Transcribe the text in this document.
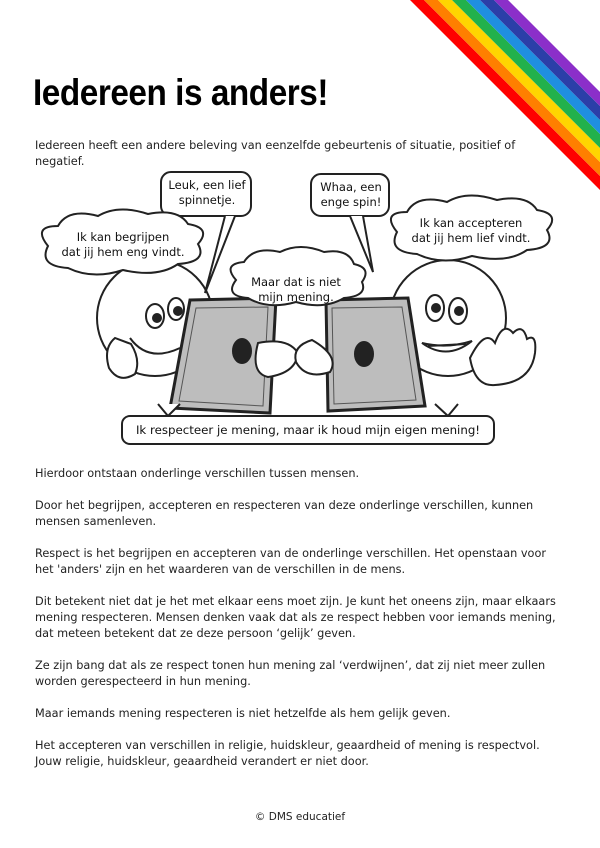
Iedereen is anders!

Iedereen heeft een andere beleving van eenzelfde gebeurtenis of situatie, positief of negatief.

Leuk, een lief
spinnetje.
Whaa, een
enge spin!
Ik kan begrijpen
dat jij hem eng vindt.
Ik kan accepteren
dat jij hem lief vindt.
Maar dat is niet
mijn mening.
Ik respecteer je mening, maar ik houd mijn eigen mening!

Hierdoor ontstaan onderlinge verschillen tussen mensen.

Door het begrijpen, accepteren en respecteren van deze onderlinge verschillen, kunnen mensen samenleven.

Respect is het begrijpen en accepteren van de onderlinge verschillen. Het openstaan voor het 'anders' zijn en het waarderen van de verschillen in de mens.

Dit betekent niet dat je het met elkaar eens moet zijn. Je kunt het oneens zijn, maar elkaars mening respecteren. Mensen denken vaak dat als ze respect hebben voor iemands mening, dat meteen betekent dat ze deze persoon ‘gelijk’ geven.

Ze zijn bang dat als ze respect tonen hun mening zal ‘verdwijnen’, dat zij niet meer zullen worden gerespecteerd in hun mening.

Maar iemands mening respecteren is niet hetzelfde als hem gelijk geven.

Het accepteren van verschillen in religie, huidskleur, geaardheid of mening is respectvol. Jouw religie, huidskleur, geaardheid verandert er niet door.

© DMS educatief
